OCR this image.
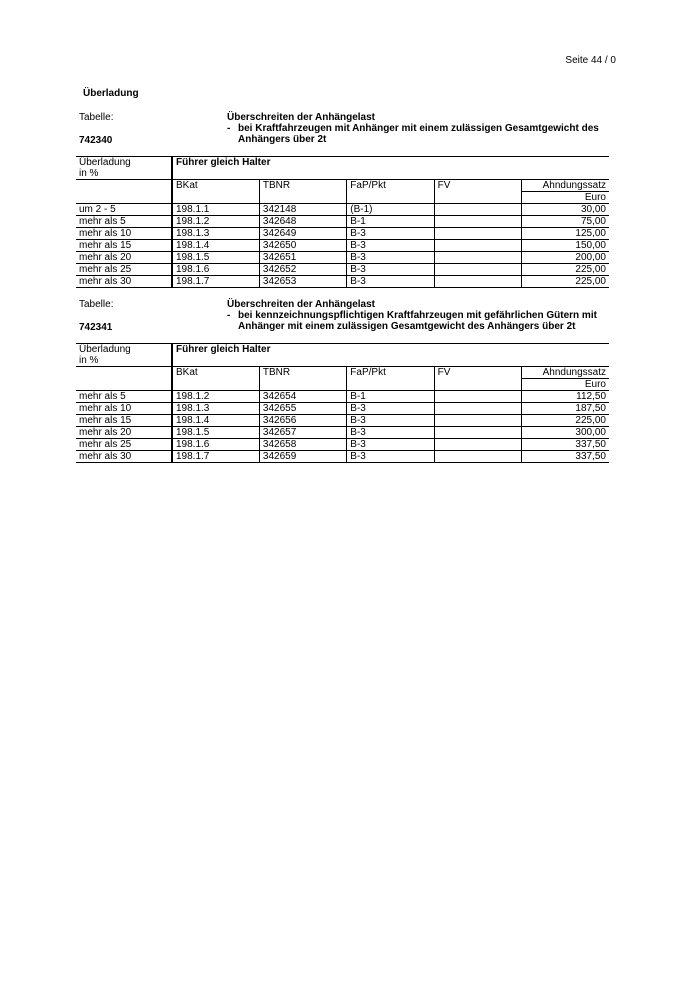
Seite 44 / 0
Überladung
Tabelle:
742340
Überschreiten der Anhängelast
- bei Kraftfahrzeugen mit Anhänger mit einem zulässigen Gesamtgewicht des
Anhängers über 2t
Überladung	Führer gleich Halter				
in %					
	BKat	TBNR	FaP/Pkt	FV	Ahndungssatz
					Euro
um 2 - 5	198.1.1	342148	(B-1)		30,00
mehr als 5	198.1.2	342648	B-1		75,00
mehr als 10	198.1.3	342649	B-3		125,00
mehr als 15	198.1.4	342650	B-3		150,00
mehr als 20	198.1.5	342651	B-3		200,00
mehr als 25	198.1.6	342652	B-3		225,00
mehr als 30	198.1.7	342653	B-3		225,00
Tabelle:
742341
Überschreiten der Anhängelast
- bei kennzeichnungspflichtigen Kraftfahrzeugen mit gefährlichen Gütern mit
Anhänger mit einem zulässigen Gesamtgewicht des Anhängers über 2t
Überladung	Führer gleich Halter				
in %					
	BKat	TBNR	FaP/Pkt	FV	Ahndungssatz
					Euro
mehr als 5	198.1.2	342654	B-1		112,50
mehr als 10	198.1.3	342655	B-3		187,50
mehr als 15	198.1.4	342656	B-3		225,00
mehr als 20	198.1.5	342657	B-3		300,00
mehr als 25	198.1.6	342658	B-3		337,50
mehr als 30	198.1.7	342659	B-3		337,50
